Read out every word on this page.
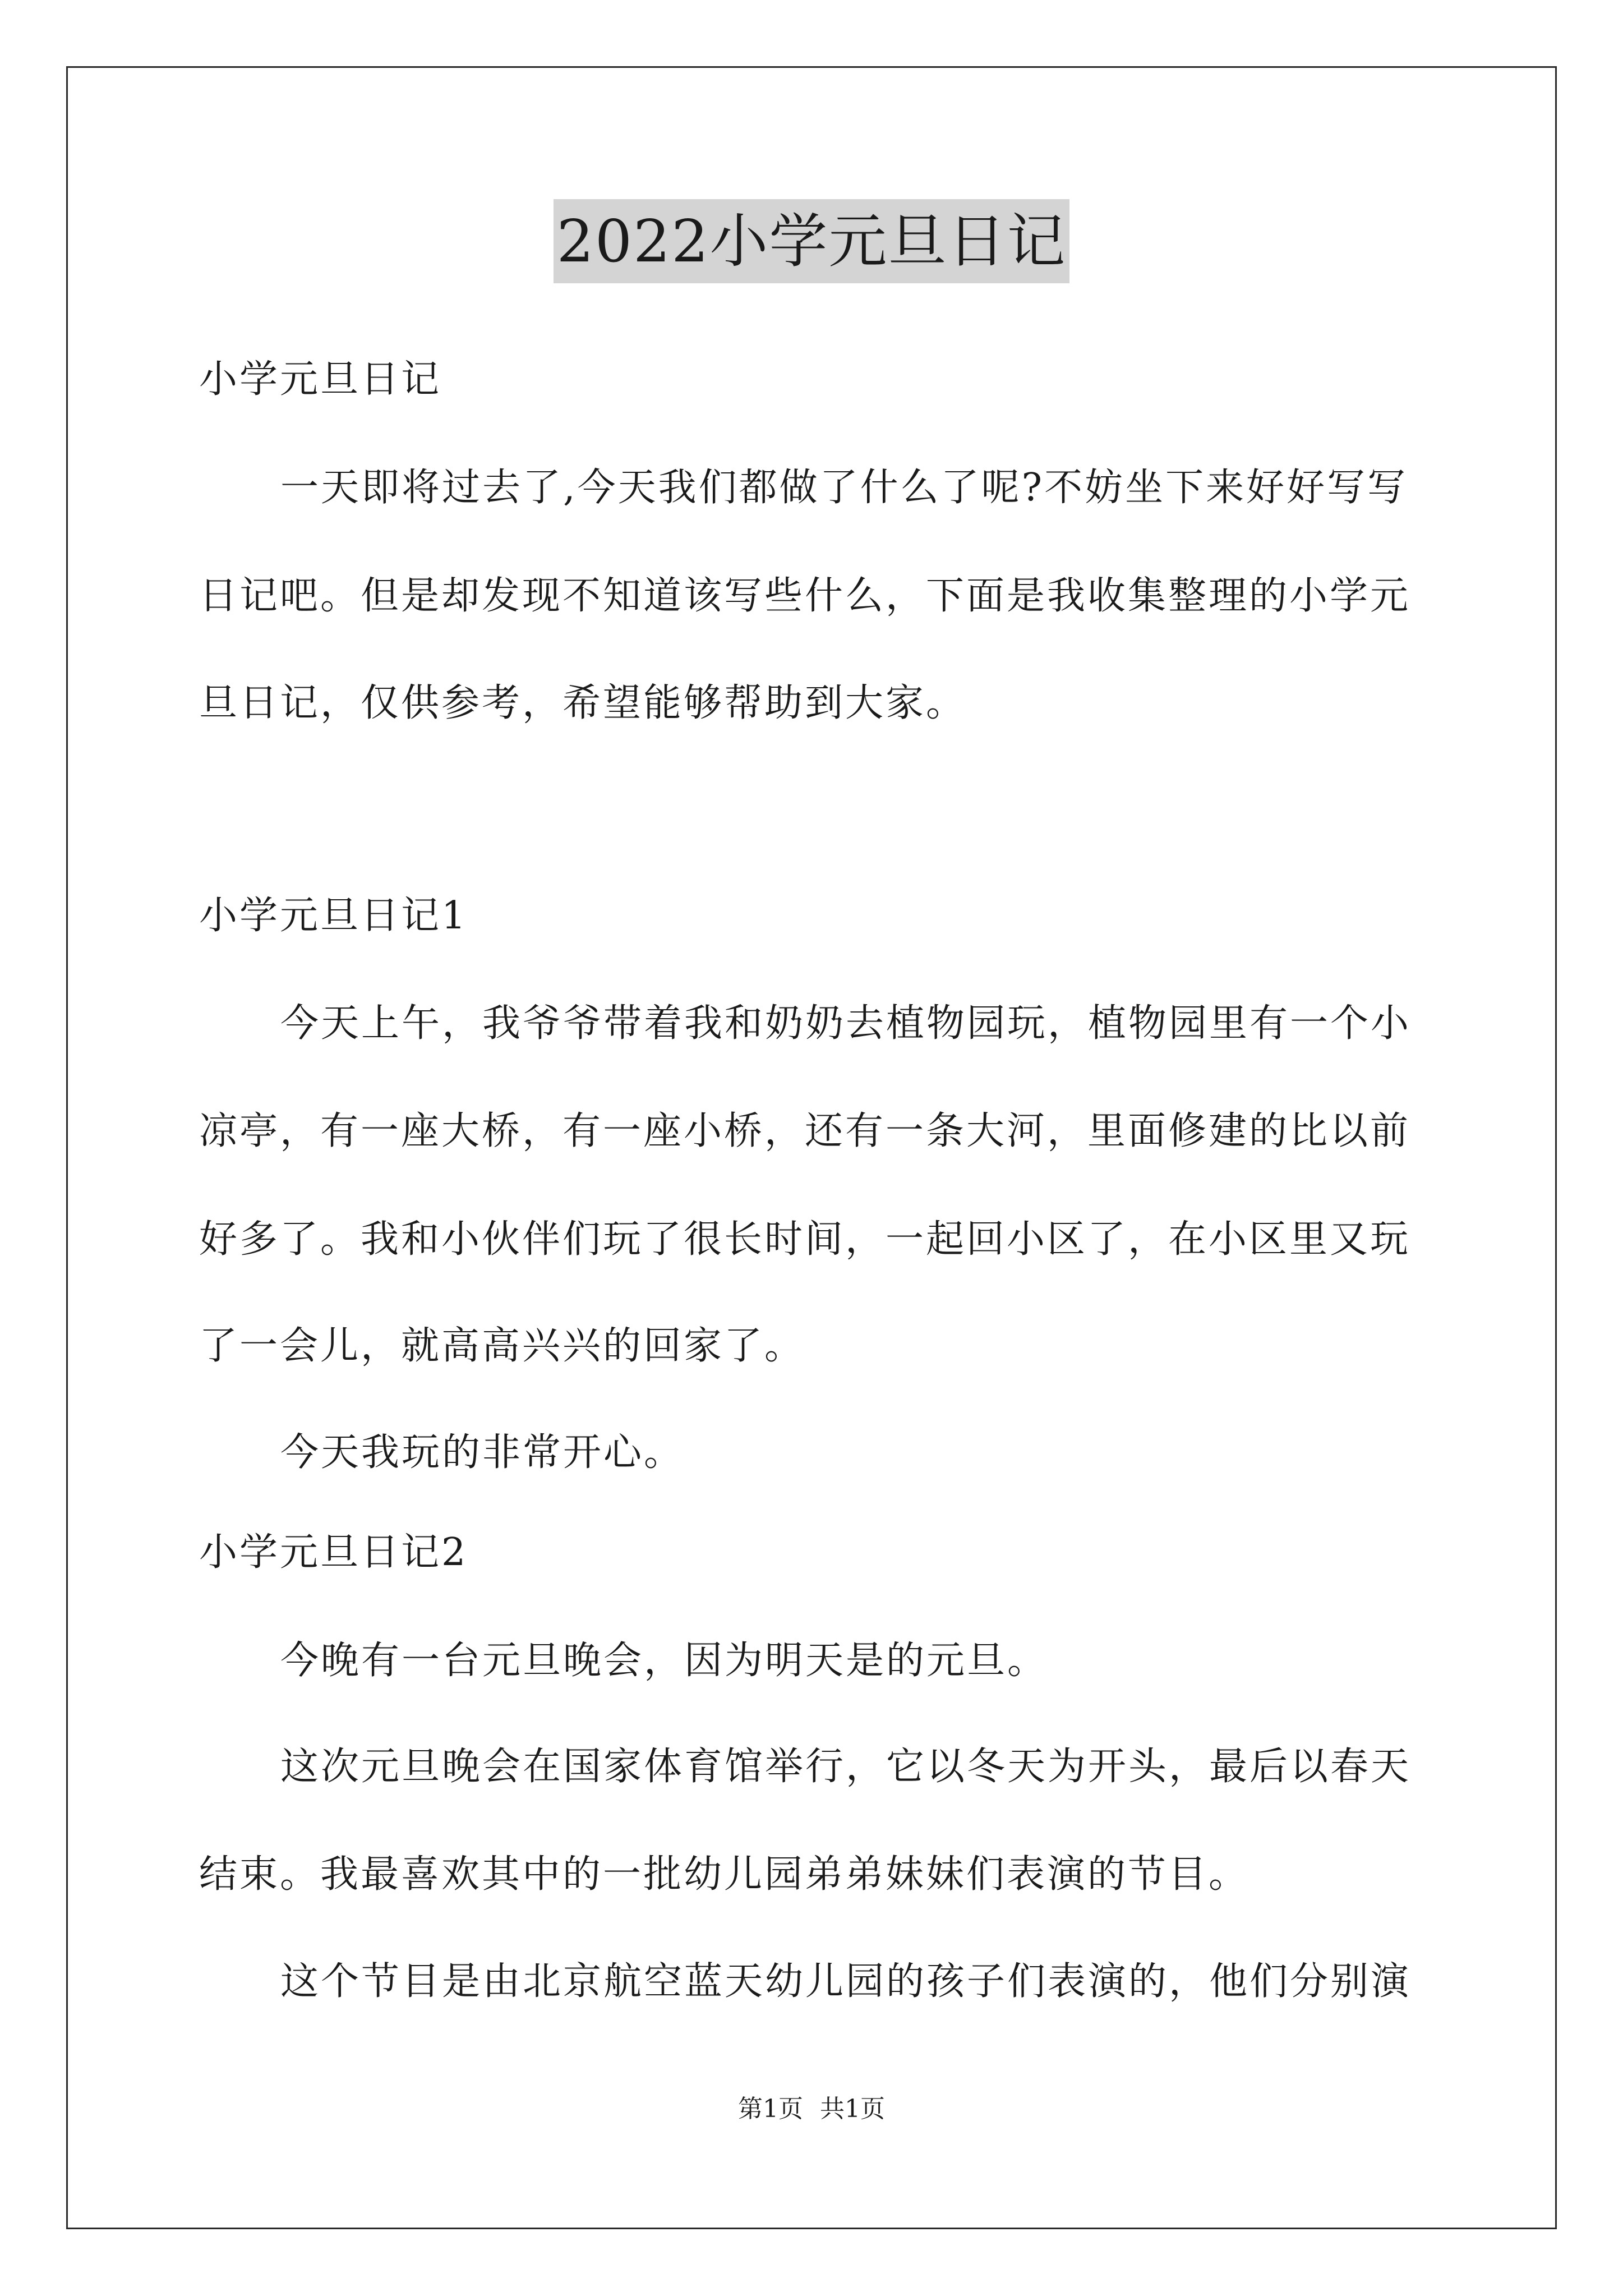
2022小学元旦日记
小学元旦日记
一天即将过去了,今天我们都做了什么了呢?不妨坐下来好好写写
日记吧。但是却发现不知道该写些什么，下面是我收集整理的小学元
旦日记，仅供参考，希望能够帮助到大家。
小学元旦日记1
今天上午，我爷爷带着我和奶奶去植物园玩，植物园里有一个小
凉亭，有一座大桥，有一座小桥，还有一条大河，里面修建的比以前
好多了。我和小伙伴们玩了很长时间，一起回小区了，在小区里又玩
了一会儿，就高高兴兴的回家了。
今天我玩的非常开心。
小学元旦日记2
今晚有一台元旦晚会，因为明天是的元旦。
这次元旦晚会在国家体育馆举行，它以冬天为开头，最后以春天
结束。我最喜欢其中的一批幼儿园弟弟妹妹们表演的节目。
这个节目是由北京航空蓝天幼儿园的孩子们表演的，他们分别演
第1页 共1页
